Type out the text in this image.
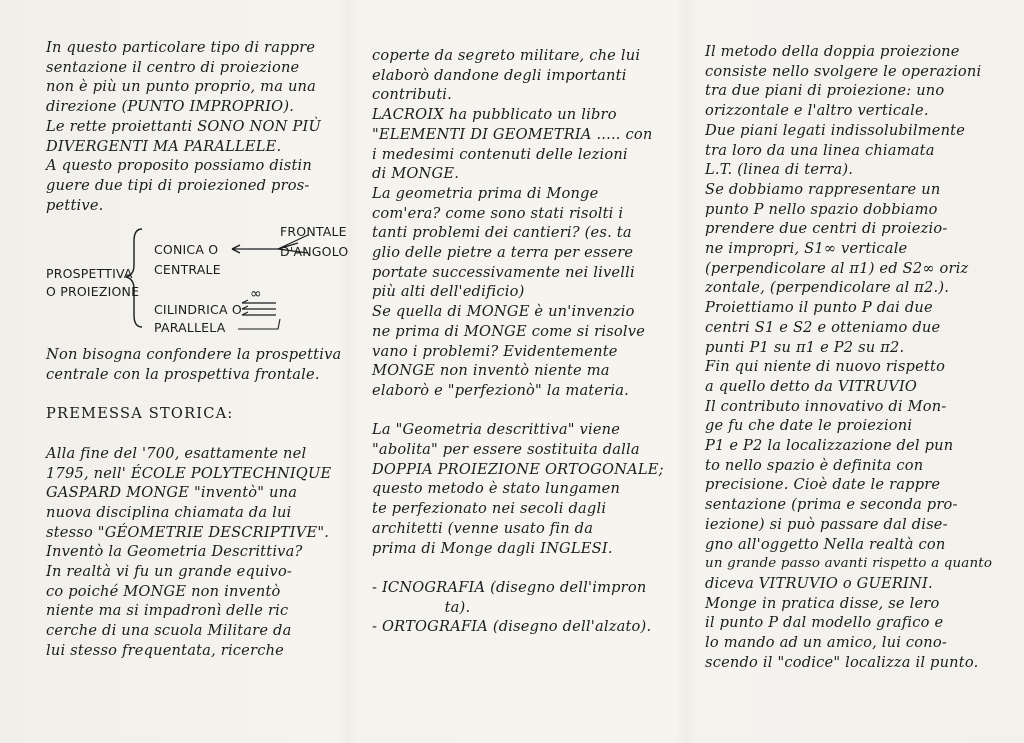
In questo particolare tipo di rappre
sentazione il centro di proiezione
non è più un punto proprio, ma una
direzione (PUNTO IMPROPRIO).
Le rette proiettanti SONO NON PIÙ
DIVERGENTI MA PARALLELE.
A questo proposito possiamo distin
guere due tipi di proiezioned pros-
pettive.
PROSPETTIVA
O PROIEZIONE
CONICA O
CENTRALE
FRONTALE
D'ANGOLO
CILINDRICA O
PARALLELA
∞
Non bisogna confondere la prospettiva
centrale con la prospettiva frontale.
PREMESSA STORICA:
Alla fine del '700, esattamente nel
1795, nell' ÉCOLE POLYTECHNIQUE
GASPARD MONGE "inventò" una
nuova disciplina chiamata da lui
stesso "GÉOMETRIE DESCRIPTIVE".
Inventò la Geometria Descrittiva?
In realtà vi fu un grande equivo-
co poiché MONGE non inventò
niente ma si impadronì delle ric
cerche di una scuola Militare da
lui stesso frequentata, ricerche
coperte da segreto militare, che lui
elaborò dandone degli importanti
contributi.
LACROIX ha pubblicato un libro
"ELEMENTI DI GEOMETRIA ..... con
i medesimi contenuti delle lezioni
di MONGE.
La geometria prima di Monge
com'era? come sono stati risolti i
tanti problemi dei cantieri? (es. ta
glio delle pietre a terra per essere
portate successivamente nei livelli
più alti dell'edificio)
Se quella di MONGE è un'invenzio
ne prima di MONGE come si risolve
vano i problemi? Evidentemente
MONGE non inventò niente ma
elaborò e "perfezionò" la materia.
La "Geometria descrittiva" viene
"abolita" per essere sostituita dalla
DOPPIA PROIEZIONE ORTOGONALE;
questo metodo è stato lungamen
te perfezionato nei secoli dagli
architetti (venne usato fin da
prima di Monge dagli INGLESI.
- ICNOGRAFIA (disegno dell'impron
ta).
- ORTOGRAFIA (disegno dell'alzato).
Il metodo della doppia proiezione
consiste nello svolgere le operazioni
tra due piani di proiezione: uno
orizzontale e l'altro verticale.
Due piani legati indissolubilmente
tra loro da una linea chiamata
L.T. (linea di terra).
Se dobbiamo rappresentare un
punto P nello spazio dobbiamo
prendere due centri di proiezio-
ne impropri, S1∞ verticale
(perpendicolare al π1) ed S2∞ oriz
zontale, (perpendicolare al π2.).
Proiettiamo il punto P dai due
centri S1 e S2 e otteniamo due
punti P1 su π1 e P2 su π2.
Fin qui niente di nuovo rispetto
a quello detto da VITRUVIO
Il contributo innovativo di Mon-
ge fu che date le proiezioni
P1 e P2 la localizzazione del pun
to nello spazio è definita con
precisione. Cioè date le rappre
sentazione (prima e seconda pro-
iezione) si può passare dal dise-
gno all'oggetto Nella realtà con
un grande passo avanti rispetto a quanto
diceva VITRUVIO o GUERINI.
Monge in pratica disse, se lero
il punto P dal modello grafico e
lo mando ad un amico, lui cono-
scendo il "codice" localizza il punto.
